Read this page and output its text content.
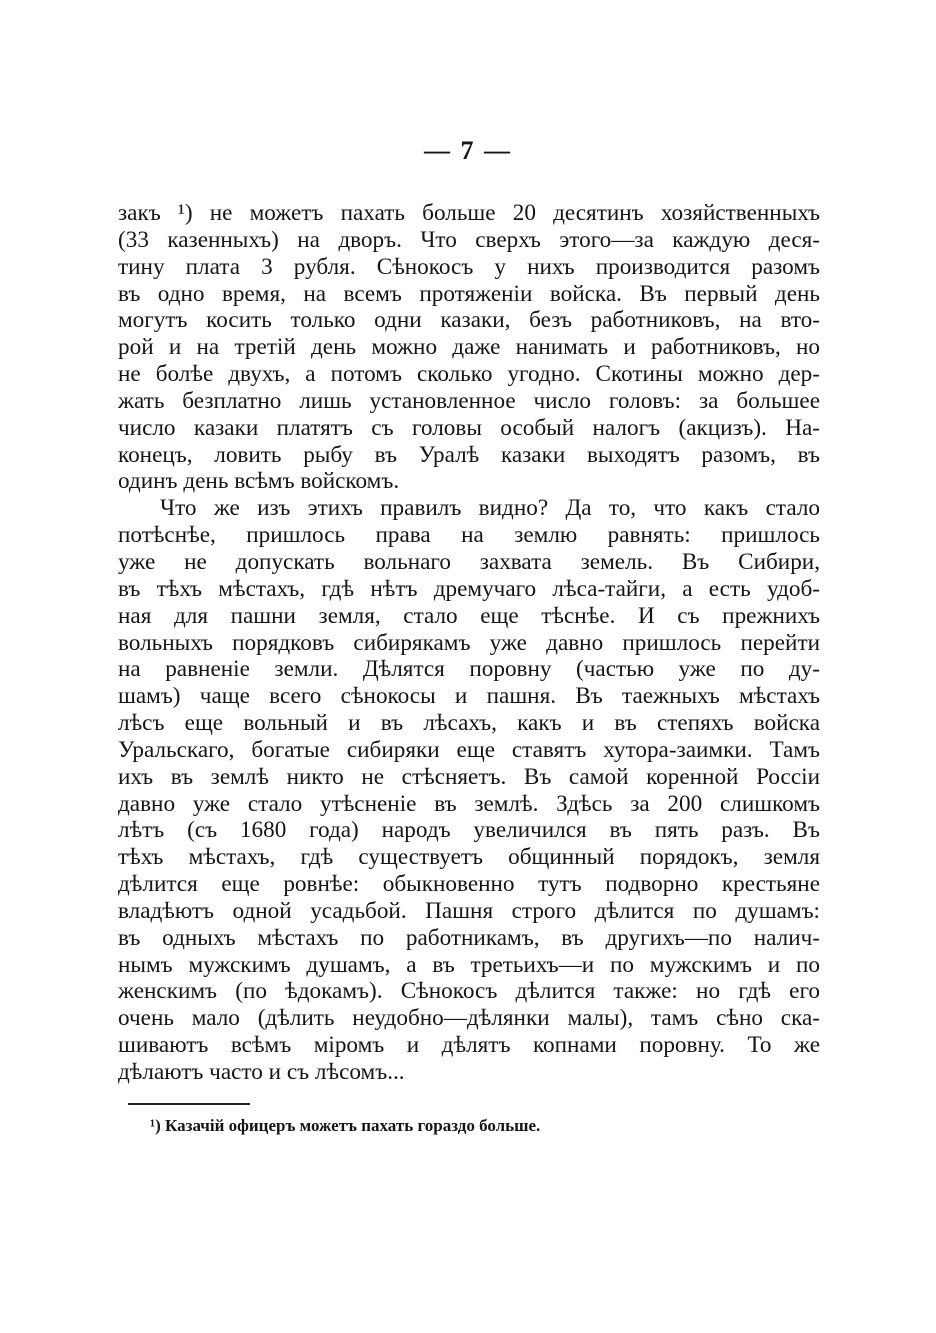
— 7 —
закъ ¹) не можетъ пахать больше 20 десятинъ хозяйственныхъ
(33 казенныхъ) на дворъ. Что сверхъ этого—за каждую деся-
тину плата 3 рубля. Сѣнокосъ у нихъ производится разомъ
въ одно время, на всемъ протяженіи войска. Въ первый день
могутъ косить только одни казаки, безъ работниковъ, на вто-
рой и на третій день можно даже нанимать и работниковъ, но
не болѣе двухъ, а потомъ сколько угодно. Скотины можно дер-
жать безплатно лишь установленное число головъ: за большее
число казаки платятъ съ головы особый налогъ (акцизъ). На-
конецъ, ловить рыбу въ Уралѣ казаки выходятъ разомъ, въ
одинъ день всѣмъ войскомъ.
Что же изъ этихъ правилъ видно? Да то, что какъ стало
потѣснѣе, пришлось права на землю равнять: пришлось
уже не допускать вольнаго захвата земель. Въ Сибири,
въ тѣхъ мѣстахъ, гдѣ нѣтъ дремучаго лѣса-тайги, а есть удоб-
ная для пашни земля, стало еще тѣснѣе. И съ прежнихъ
вольныхъ порядковъ сибирякамъ уже давно пришлось перейти
на равненіе земли. Дѣлятся поровну (частью уже по ду-
шамъ) чаще всего сѣнокосы и пашня. Въ таежныхъ мѣстахъ
лѣсъ еще вольный и въ лѣсахъ, какъ и въ степяхъ войска
Уральскаго, богатые сибиряки еще ставятъ хутора-заимки. Тамъ
ихъ въ землѣ никто не стѣсняетъ. Въ самой коренной Россіи
давно уже стало утѣсненіе въ землѣ. Здѣсь за 200 слишкомъ
лѣтъ (съ 1680 года) народъ увеличился въ пять разъ. Въ
тѣхъ мѣстахъ, гдѣ существуетъ общинный порядокъ, земля
дѣлится еще ровнѣе: обыкновенно тутъ подворно крестьяне
владѣютъ одной усадьбой. Пашня строго дѣлится по душамъ:
въ одныхъ мѣстахъ по работникамъ, въ другихъ—по налич-
нымъ мужскимъ душамъ, а въ третьихъ—и по мужскимъ и по
женскимъ (по ѣдокамъ). Сѣнокосъ дѣлится также: но гдѣ его
очень мало (дѣлить неудобно—дѣлянки малы), тамъ сѣно ска-
шиваютъ всѣмъ міромъ и дѣлятъ копнами поровну. То же
дѣлаютъ часто и съ лѣсомъ...
¹) Казачій офицеръ можетъ пахать гораздо больше.
